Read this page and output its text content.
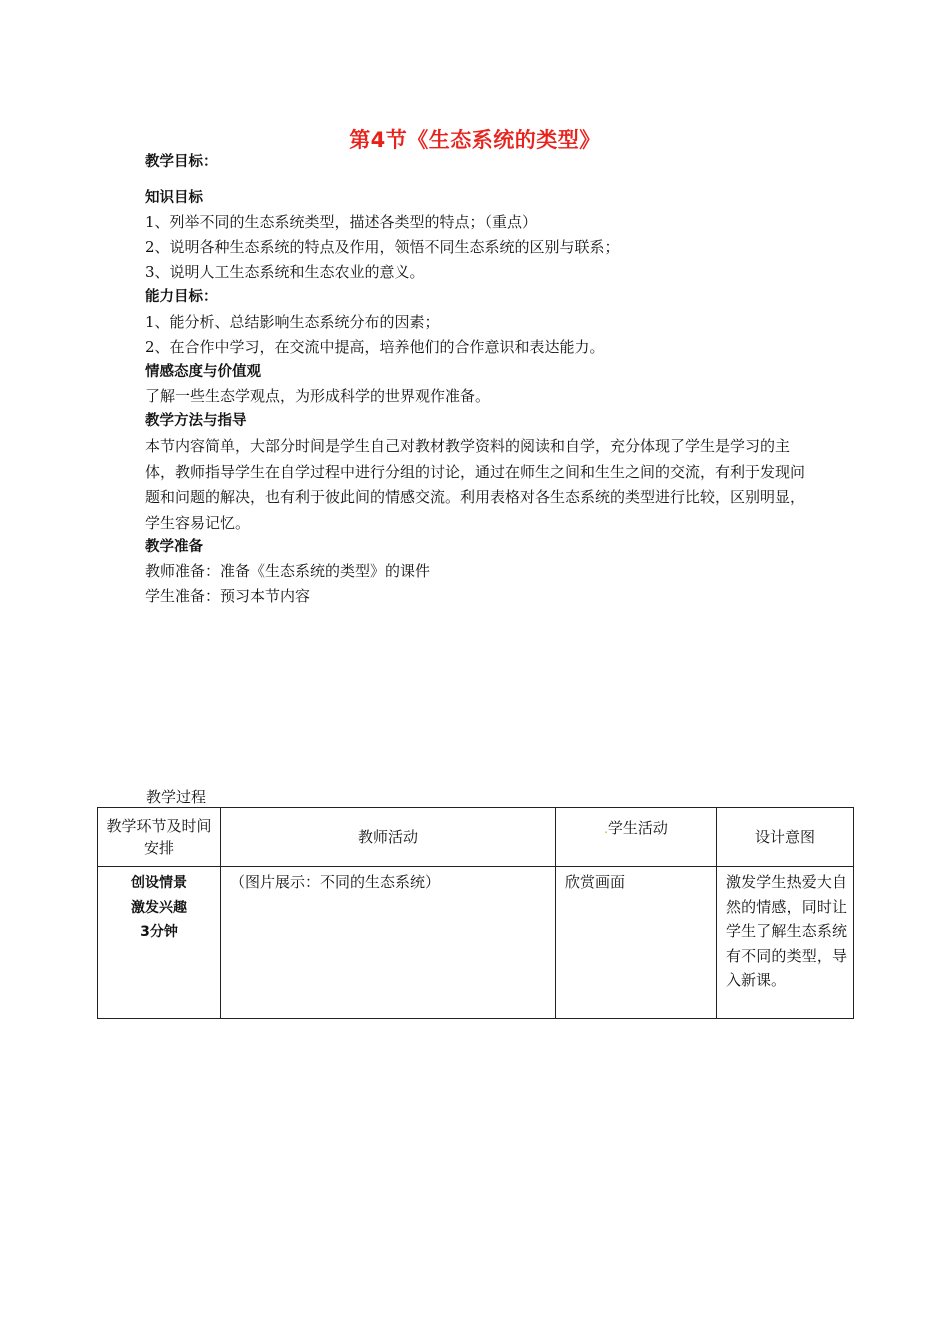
第4节《生态系统的类型》
教学目标：
知识目标
1、列举不同的生态系统类型，描述各类型的特点；（重点）
2、说明各种生态系统的特点及作用，领悟不同生态系统的区别与联系；
3、说明人工生态系统和生态农业的意义。
能力目标：
1、能分析、总结影响生态系统分布的因素；
2、在合作中学习，在交流中提高，培养他们的合作意识和表达能力。
情感态度与价值观
了解一些生态学观点，为形成科学的世界观作准备。
教学方法与指导
本节内容简单，大部分时间是学生自己对教材教学资料的阅读和自学，充分体现了学生是学习的主体，教师指导学生在自学过程中进行分组的讨论，通过在师生之间和生生之间的交流，有利于发现问题和问题的解决，也有利于彼此间的情感交流。利用表格对各生态系统的类型进行比较，区别明显，学生容易记忆。
教学准备
教师准备：准备《生态系统的类型》的课件
学生准备：预习本节内容
教学过程
教学环节及时间安排	教师活动	.学生活动	设计意图

创设情景
激发兴趣
3分钟	（图片展示：不同的生态系统）	欣赏画面	激发学生热爱大自然的情感，同时让学生了解生态系统有不同的类型，导入新课。
